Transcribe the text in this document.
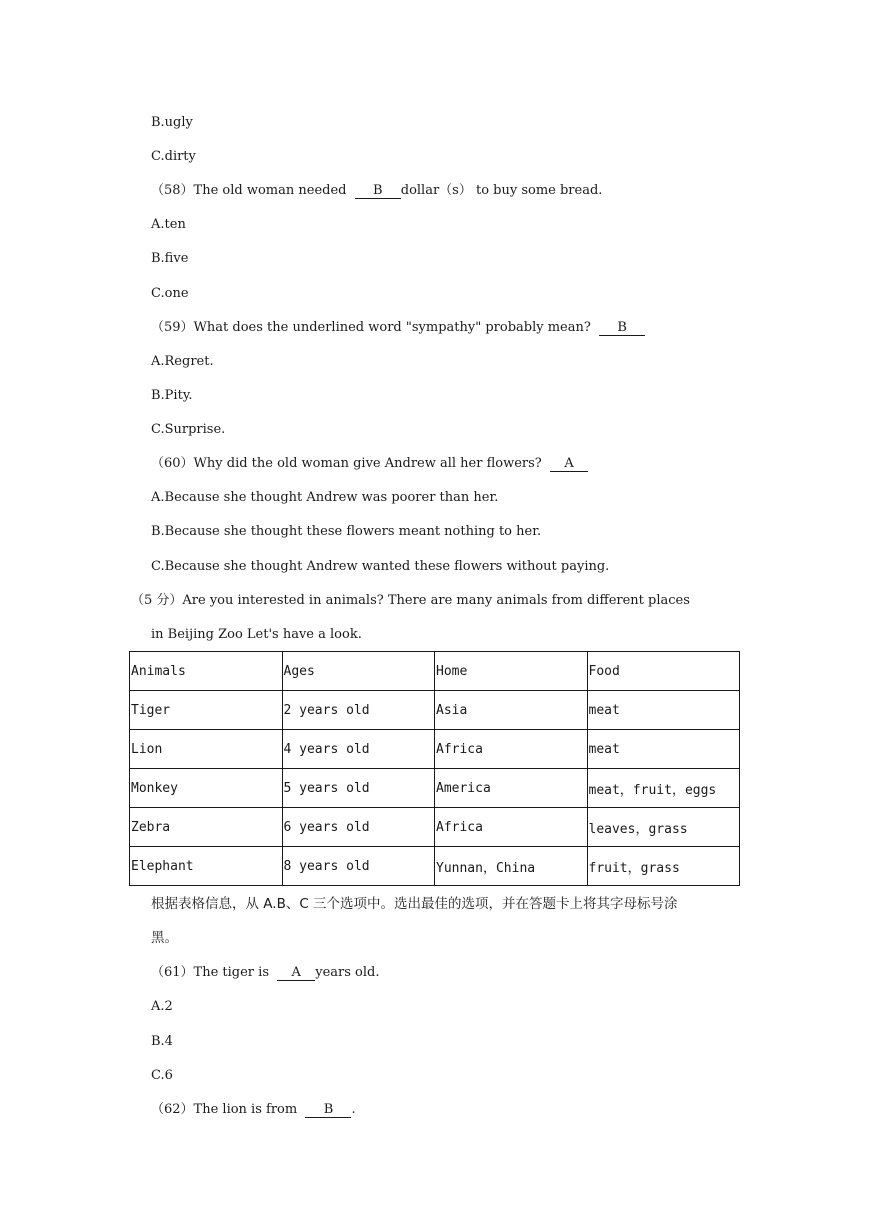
B.ugly
C.dirty
（58）The old woman needed  B dollar（s） to buy some bread.
A.ten
B.five
C.one
（59）What does the underlined word "sympathy" probably mean?  B
A.Regret.
B.Pity.
C.Surprise.
（60）Why did the old woman give Andrew all her flowers?  A
A.Because she thought Andrew was poorer than her.
B.Because she thought these flowers meant nothing to her.
C.Because she thought Andrew wanted these flowers without paying.
（5 分）Are you interested in animals? There are many animals from different places
in Beijing Zoo Let's have a look.
Animals	Ages	Home	Food
Tiger	2 years old	Asia	meat
Lion	4 years old	Africa	meat
Monkey	5 years old	America	meat，fruit，eggs
Zebra	6 years old	Africa	leaves，grass
Elephant	8 years old	Yunnan，China	fruit，grass
根据表格信息，从 A.B、C 三个选项中。选出最佳的选项，并在答题卡上将其字母标号涂
黑。
（61）The tiger is  A years old.
A.2
B.4
C.6
（62）The lion is from  B .
